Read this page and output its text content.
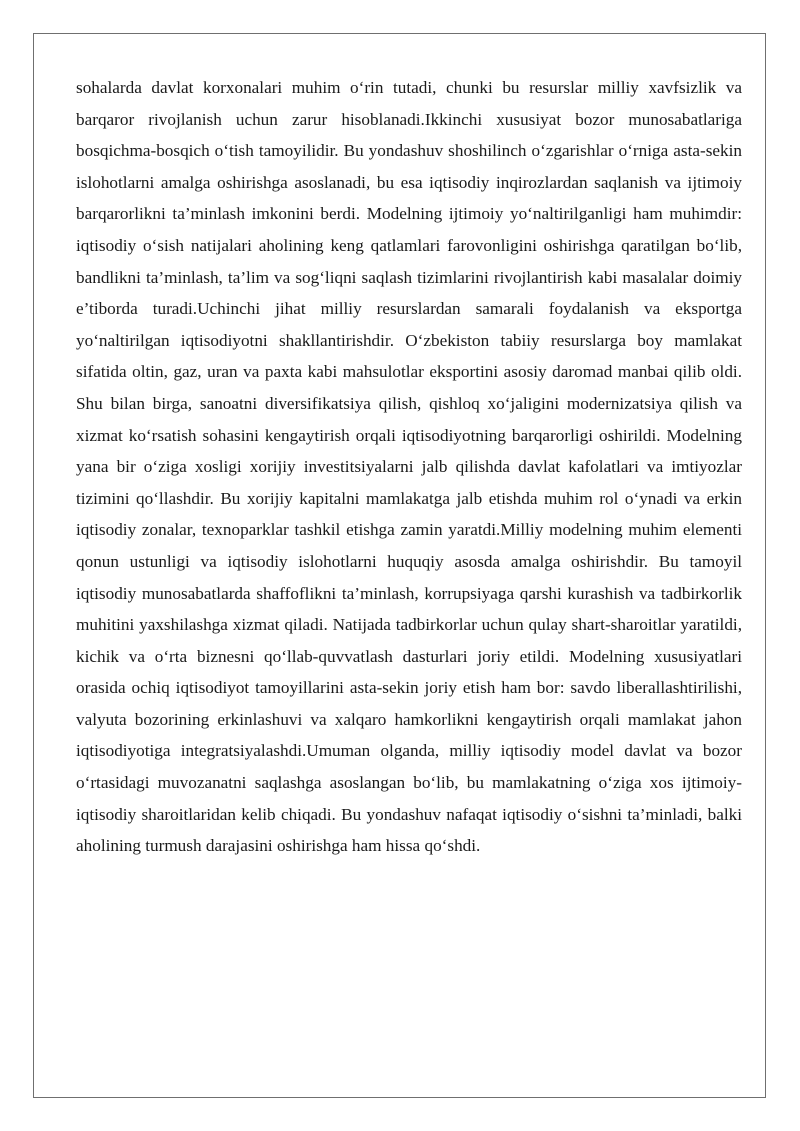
sohalarda davlat korxonalari muhim o‘rin tutadi, chunki bu resurslar milliy xavfsizlik va barqaror rivojlanish uchun zarur hisoblanadi.Ikkinchi xususiyat bozor munosabatlariga bosqichma-bosqich o‘tish tamoyilidir. Bu yondashuv shoshilinch o‘zgarishlar o‘rniga asta-sekin islohotlarni amalga oshirishga asoslanadi, bu esa iqtisodiy inqirozlardan saqlanish va ijtimoiy barqarorlikni ta’minlash imkonini berdi. Modelning ijtimoiy yo‘naltirilganligi ham muhimdir: iqtisodiy o‘sish natijalari aholining keng qatlamlari farovonligini oshirishga qaratilgan bo‘lib, bandlikni ta’minlash, ta’lim va sog‘liqni saqlash tizimlarini rivojlantirish kabi masalalar doimiy e’tiborda turadi.Uchinchi jihat milliy resurslardan samarali foydalanish va eksportga yo‘naltirilgan iqtisodiyotni shakllantirishdir. O‘zbekiston tabiiy resurslarga boy mamlakat sifatida oltin, gaz, uran va paxta kabi mahsulotlar eksportini asosiy daromad manbai qilib oldi. Shu bilan birga, sanoatni diversifikatsiya qilish, qishloq xo‘jaligini modernizatsiya qilish va xizmat ko‘rsatish sohasini kengaytirish orqali iqtisodiyotning barqarorligi oshirildi. Modelning yana bir o‘ziga xosligi xorijiy investitsiyalarni jalb qilishda davlat kafolatlari va imtiyozlar tizimini qo‘llashdir. Bu xorijiy kapitalni mamlakatga jalb etishda muhim rol o‘ynadi va erkin iqtisodiy zonalar, texnoparklar tashkil etishga zamin yaratdi.Milliy modelning muhim elementi qonun ustunligi va iqtisodiy islohotlarni huquqiy asosda amalga oshirishdir. Bu tamoyil iqtisodiy munosabatlarda shaffoflikni ta’minlash, korrupsiyaga qarshi kurashish va tadbirkorlik muhitini yaxshilashga xizmat qiladi. Natijada tadbirkorlar uchun qulay shart-sharoitlar yaratildi, kichik va o‘rta biznesni qo‘llab-quvvatlash dasturlari joriy etildi. Modelning xususiyatlari orasida ochiq iqtisodiyot tamoyillarini asta-sekin joriy etish ham bor: savdo liberallashtirilishi, valyuta bozorining erkinlashuvi va xalqaro hamkorlikni kengaytirish orqali mamlakat jahon iqtisodiyotiga integratsiyalashdi.Umuman olganda, milliy iqtisodiy model davlat va bozor o‘rtasidagi muvozanatni saqlashga asoslangan bo‘lib, bu mamlakatning o‘ziga xos ijtimoiy-iqtisodiy sharoitlaridan kelib chiqadi. Bu yondashuv nafaqat iqtisodiy o‘sishni ta’minladi, balki aholining turmush darajasini oshirishga ham hissa qo‘shdi.
